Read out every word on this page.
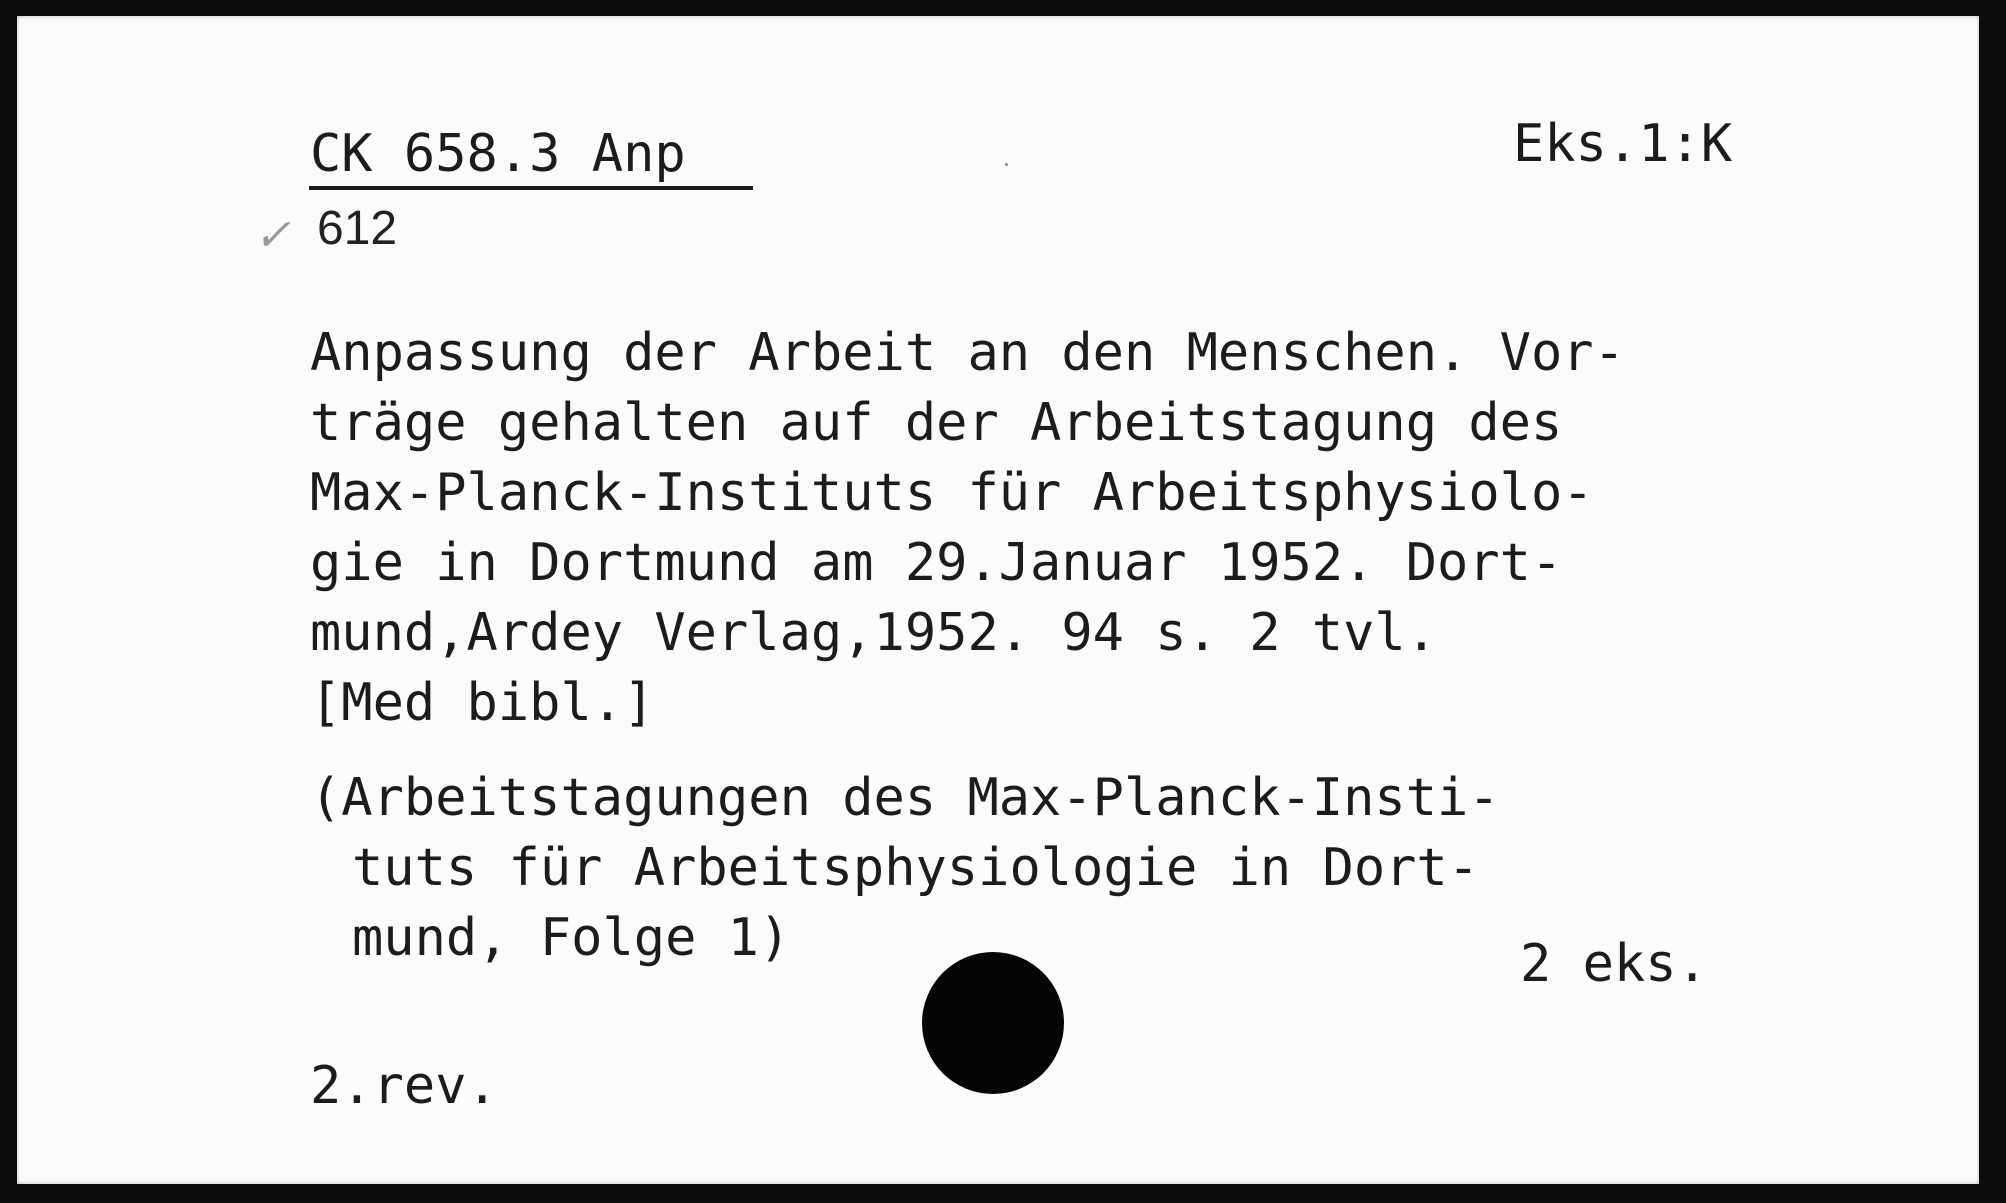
CK 658.3 Anp
✓ 612
Eks.1:K
Anpassung der Arbeit an den Menschen. Vor-
träge gehalten auf der Arbeitstagung des
Max-Planck-Instituts für Arbeitsphysiolo-
gie in Dortmund am 29.Januar 1952. Dort-
mund,Ardey Verlag,1952. 94 s. 2 tvl.
[Med bibl.]
(Arbeitstagungen des Max-Planck-Insti-
tuts für Arbeitsphysiologie in Dort-
mund, Folge 1)	2 eks.
2.rev.
